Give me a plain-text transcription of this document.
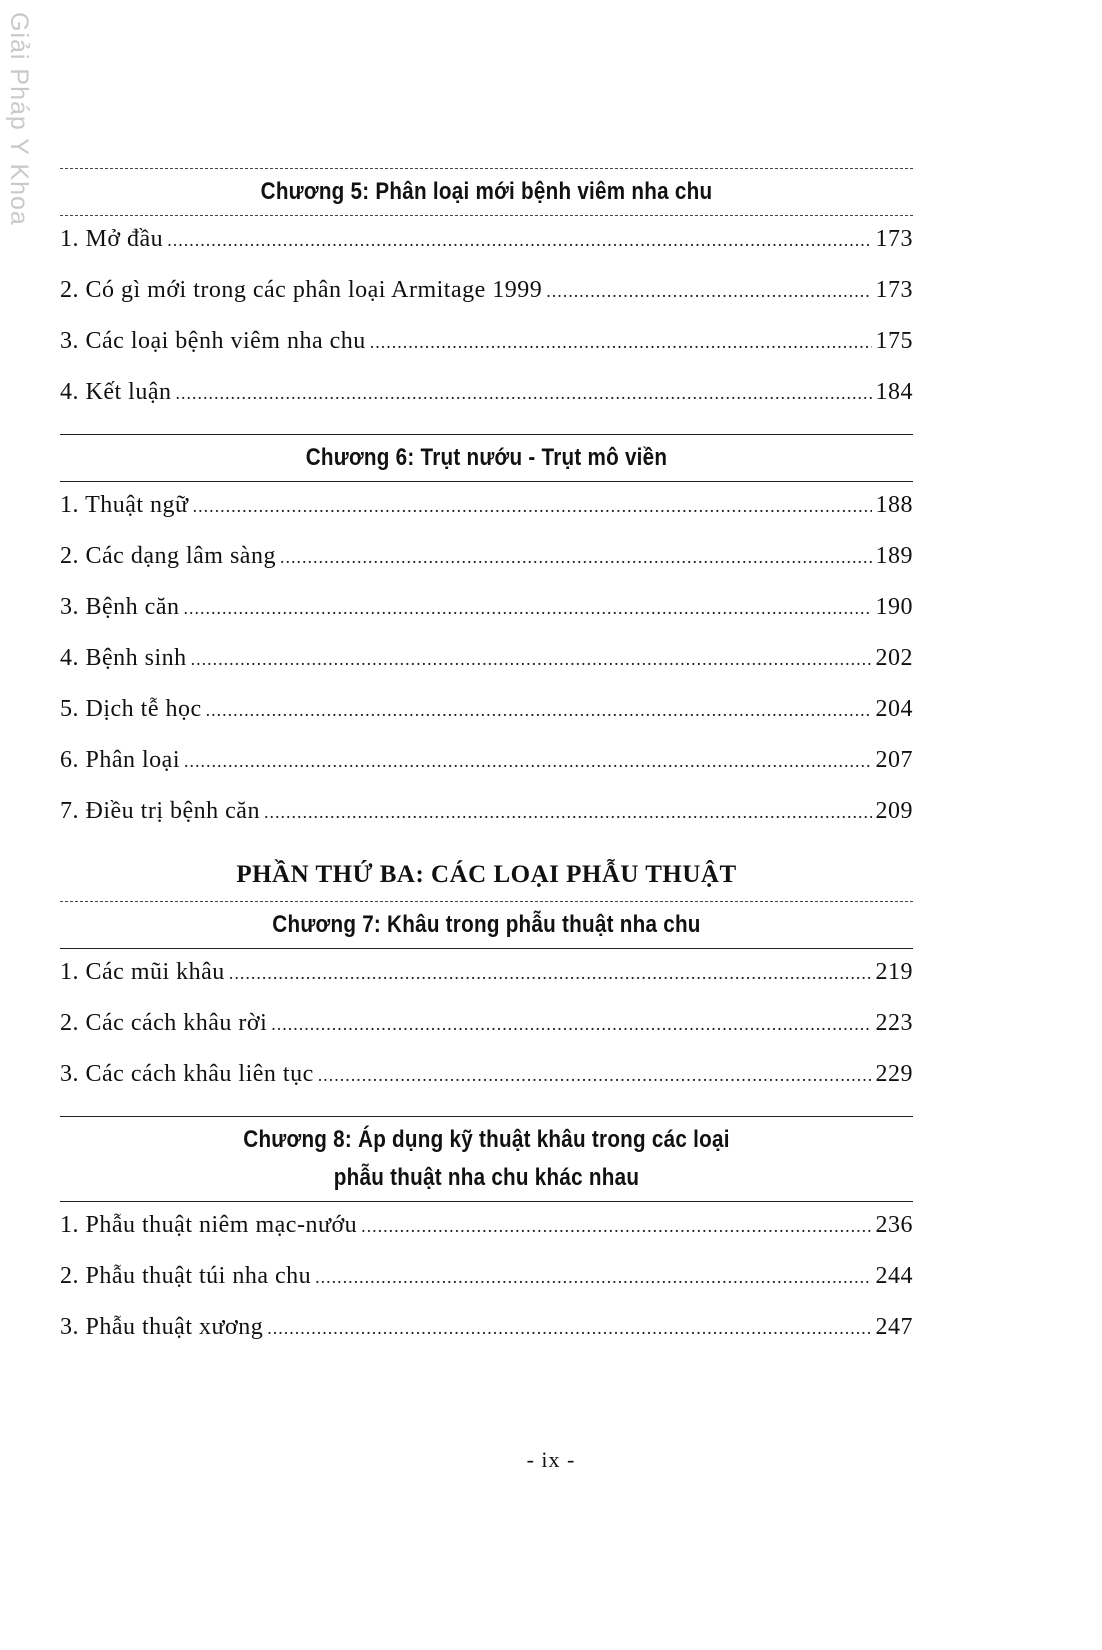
Giải Pháp Y Khoa	Chương 5: Phân loại mới bệnh viêm nha chu
1. Mở đầu .....	173
2. Có gì mới trong các phân loại Armitage 1999 .....	173
3. Các loại bệnh viêm nha chu .....	175
4. Kết luận .....	184
Chương 6: Trụt nướu - Trụt mô viền
1. Thuật ngữ .....	188
2. Các dạng lâm sàng .....	189
3. Bệnh căn .....	190
4. Bệnh sinh .....	202
5. Dịch tễ học .....	204
6. Phân loại .....	207
7. Điều trị bệnh căn .....	209
PHẦN THỨ BA: CÁC LOẠI PHẪU THUẬT
Chương 7: Khâu trong phẫu thuật nha chu
1. Các mũi khâu .....	219
2. Các cách khâu rời .....	223
3. Các cách khâu liên tục .....	229
Chương 8: Áp dụng kỹ thuật khâu trong các loại
phẫu thuật nha chu khác nhau
1. Phẫu thuật niêm mạc-nướu .....	236
2. Phẫu thuật túi nha chu .....	244
3. Phẫu thuật xương .....	247
- ix -
